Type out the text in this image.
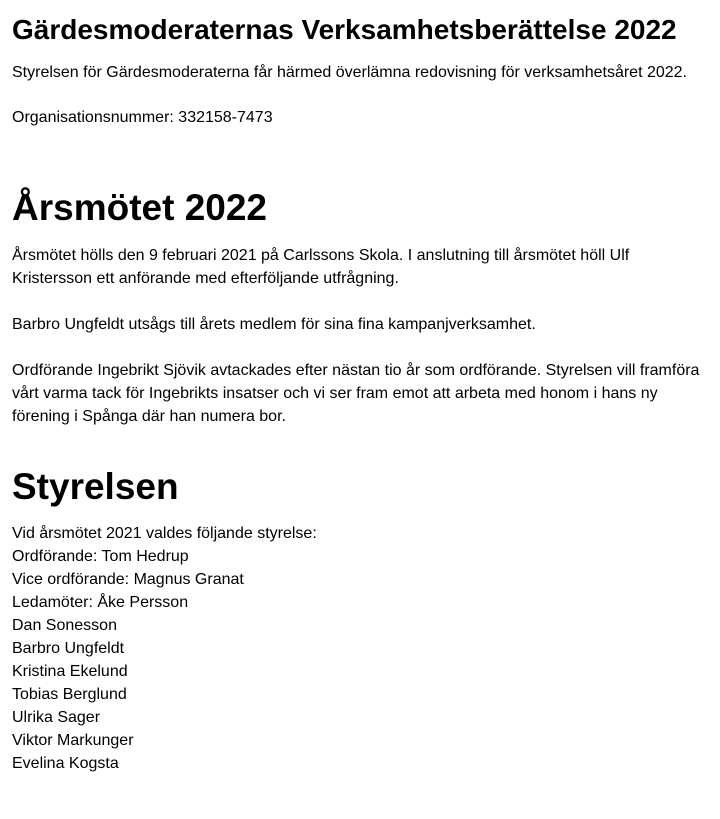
Gärdesmoderaternas Verksamhetsberättelse 2022

Styrelsen för Gärdesmoderaterna får härmed överlämna redovisning för verksamhetsåret 2022.

Organisationsnummer: 332158-7473

Årsmötet 2022

Årsmötet hölls den 9 februari 2021 på Carlssons Skola. I anslutning till årsmötet höll Ulf Kristersson ett anförande med efterföljande utfrågning.

Barbro Ungfeldt utsågs till årets medlem för sina fina kampanjverksamhet.

Ordförande Ingebrikt Sjövik avtackades efter nästan tio år som ordförande. Styrelsen vill framföra vårt varma tack för Ingebrikts insatser och vi ser fram emot att arbeta med honom i hans ny förening i Spånga där han numera bor.

Styrelsen

Vid årsmötet 2021 valdes följande styrelse:

Ordförande: Tom Hedrup
Vice ordförande: Magnus Granat
Ledamöter: Åke Persson
Dan Sonesson
Barbro Ungfeldt
Kristina Ekelund
Tobias Berglund
Ulrika Sager
Viktor Markunger
Evelina Kogsta
